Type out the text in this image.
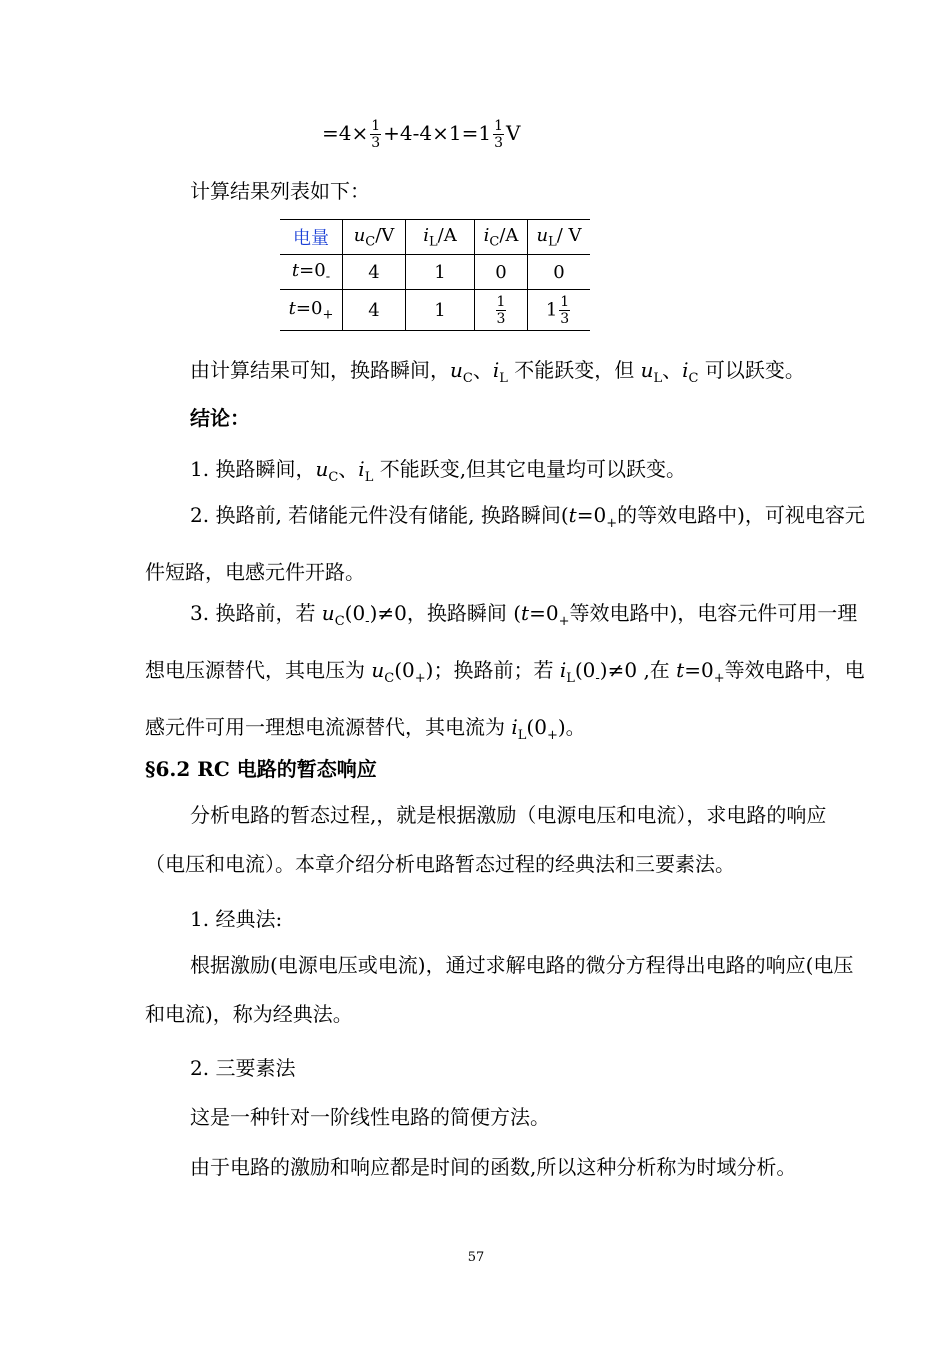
$=4\times \frac{1}{3} +4-4\times 1=1 \frac{1}{3}$ V
计算结果列表如下：
电量	$u_C/V$	$i_L/A$	$i_C/A$	$u_L/$ V
$t=0_-$	4	1	0	0
$t=0_+$	4	1	$\frac{1}{3}$	$1 \frac{1}{3}$
由计算结果可知，换路瞬间，$u_C$、$i_L$ 不能跃变，但 $u_L$、$i_C$ 可以跃变。
结论：
1. 换路瞬间，$u_C$、$i_L$ 不能跃变,但其它电量均可以跃变。
2. 换路前, 若储能元件没有储能, 换路瞬间($t=0_+$的等效电路中)，可视电容元件短路，电感元件开路。
3. 换路前，若 $u_C(0_-)\ne 0$，换路瞬间 ($t=0_+$等效电路中)，电容元件可用一理想电压源替代，其电压为 $u_C(0_+)$；换路前；若 $i_L(0_-)\ne 0$ ,在 $t=0_+$等效电路中，电感元件可用一理想电流源替代，其电流为 $i_L(0_+)$。
§6.2 RC 电路的暂态响应
分析电路的暂态过程,，就是根据激励（电源电压和电流），求电路的响应（电压和电流）。本章介绍分析电路暂态过程的经典法和三要素法。
1. 经典法:
根据激励(电源电压或电流)，通过求解电路的微分方程得出电路的响应(电压和电流)，称为经典法。
2. 三要素法
这是一种针对一阶线性电路的简便方法。
由于电路的激励和响应都是时间的函数,所以这种分析称为时域分析。
57
